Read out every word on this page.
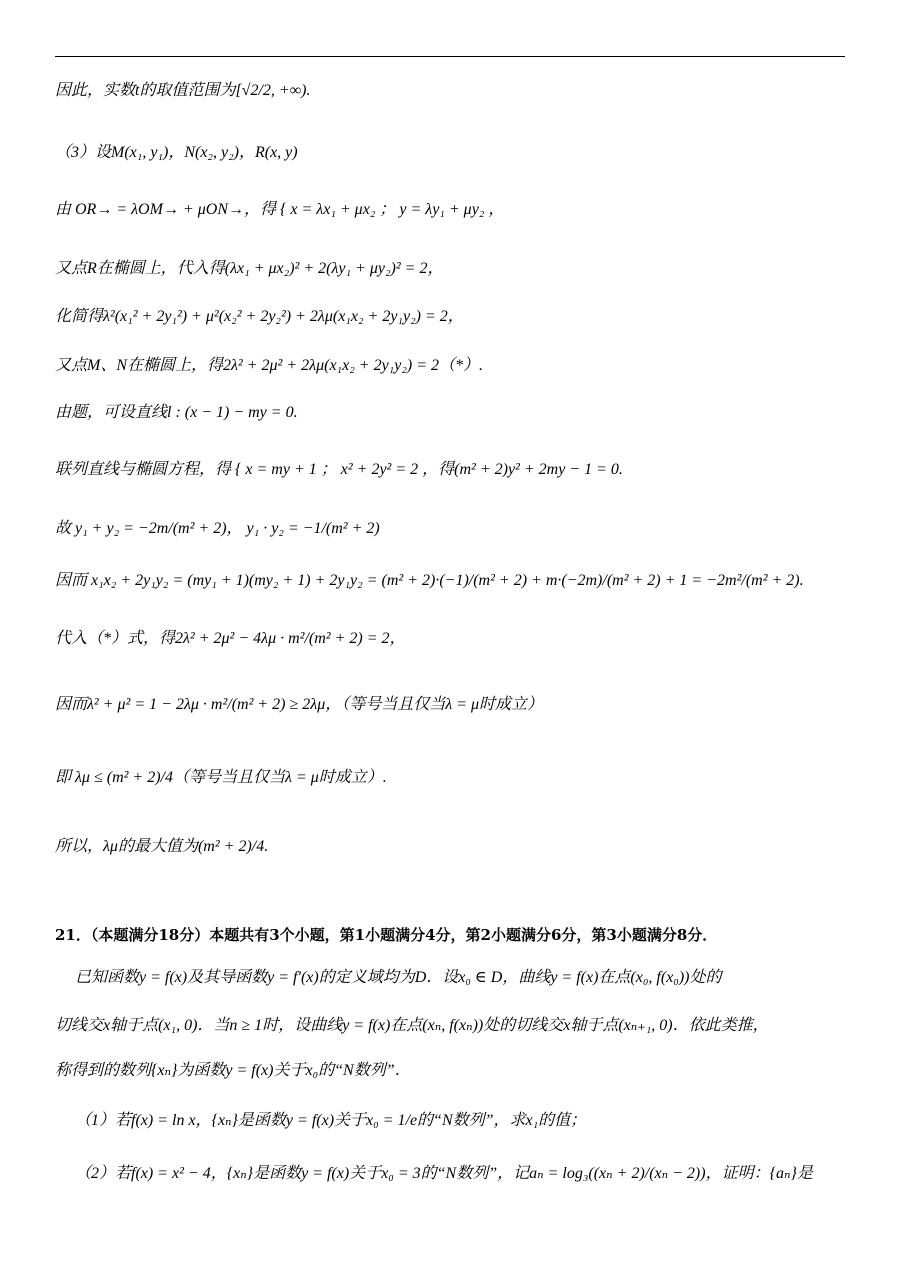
因此，实数t的取值范围为[√2/2, +∞).
（3）设M(x₁, y₁)，N(x₂, y₂)，R(x, y)
由 OR→ = λOM→ + μON→，得 { x = λx₁ + μx₂ ； y = λy₁ + μy₂ ，
又点R在椭圆上，代入得(λx₁ + μx₂)² + 2(λy₁ + μy₂)² = 2，
化简得λ²(x₁² + 2y₁²) + μ²(x₂² + 2y₂²) + 2λμ(x₁x₂ + 2y₁y₂) = 2，
又点M、N在椭圆上，得2λ² + 2μ² + 2λμ(x₁x₂ + 2y₁y₂) = 2（*）.
由题，可设直线l : (x − 1) − my = 0.
联列直线与椭圆方程，得 { x = my + 1 ； x² + 2y² = 2 ，得(m² + 2)y² + 2my − 1 = 0.
故 y₁ + y₂ = −2m/(m² + 2)， y₁ · y₂ = −1/(m² + 2)
因而 x₁x₂ + 2y₁y₂ = (my₁ + 1)(my₂ + 1) + 2y₁y₂ = (m² + 2)·(−1)/(m² + 2) + m·(−2m)/(m² + 2) + 1 = −2m²/(m² + 2).
代入（*）式，得2λ² + 2μ² − 4λμ · m²/(m² + 2) = 2，
因而λ² + μ² = 1 − 2λμ · m²/(m² + 2) ≥ 2λμ，（等号当且仅当λ = μ时成立）
即 λμ ≤ (m² + 2)/4（等号当且仅当λ = μ时成立）.
所以，λμ的最大值为(m² + 2)/4.
21．（本题满分18分）本题共有3个小题，第1小题满分4分，第2小题满分6分，第3小题满分8分．
已知函数y = f(x)及其导函数y = f′(x)的定义域均为D．设x₀ ∈ D，曲线y = f(x)在点(x₀, f(x₀))处的
切线交x轴于点(x₁, 0)．当n ≥ 1时，设曲线y = f(x)在点(xₙ, f(xₙ))处的切线交x轴于点(xₙ₊₁, 0)．依此类推，
称得到的数列{xₙ}为函数y = f(x)关于x₀的“N数列”．
（1）若f(x) = ln x，{xₙ}是函数y = f(x)关于x₀ = 1/e的“N数列”，求x₁的值；
（2）若f(x) = x² − 4，{xₙ}是函数y = f(x)关于x₀ = 3的“N数列”，记aₙ = log₃((xₙ + 2)/(xₙ − 2))，证明：{aₙ}是
